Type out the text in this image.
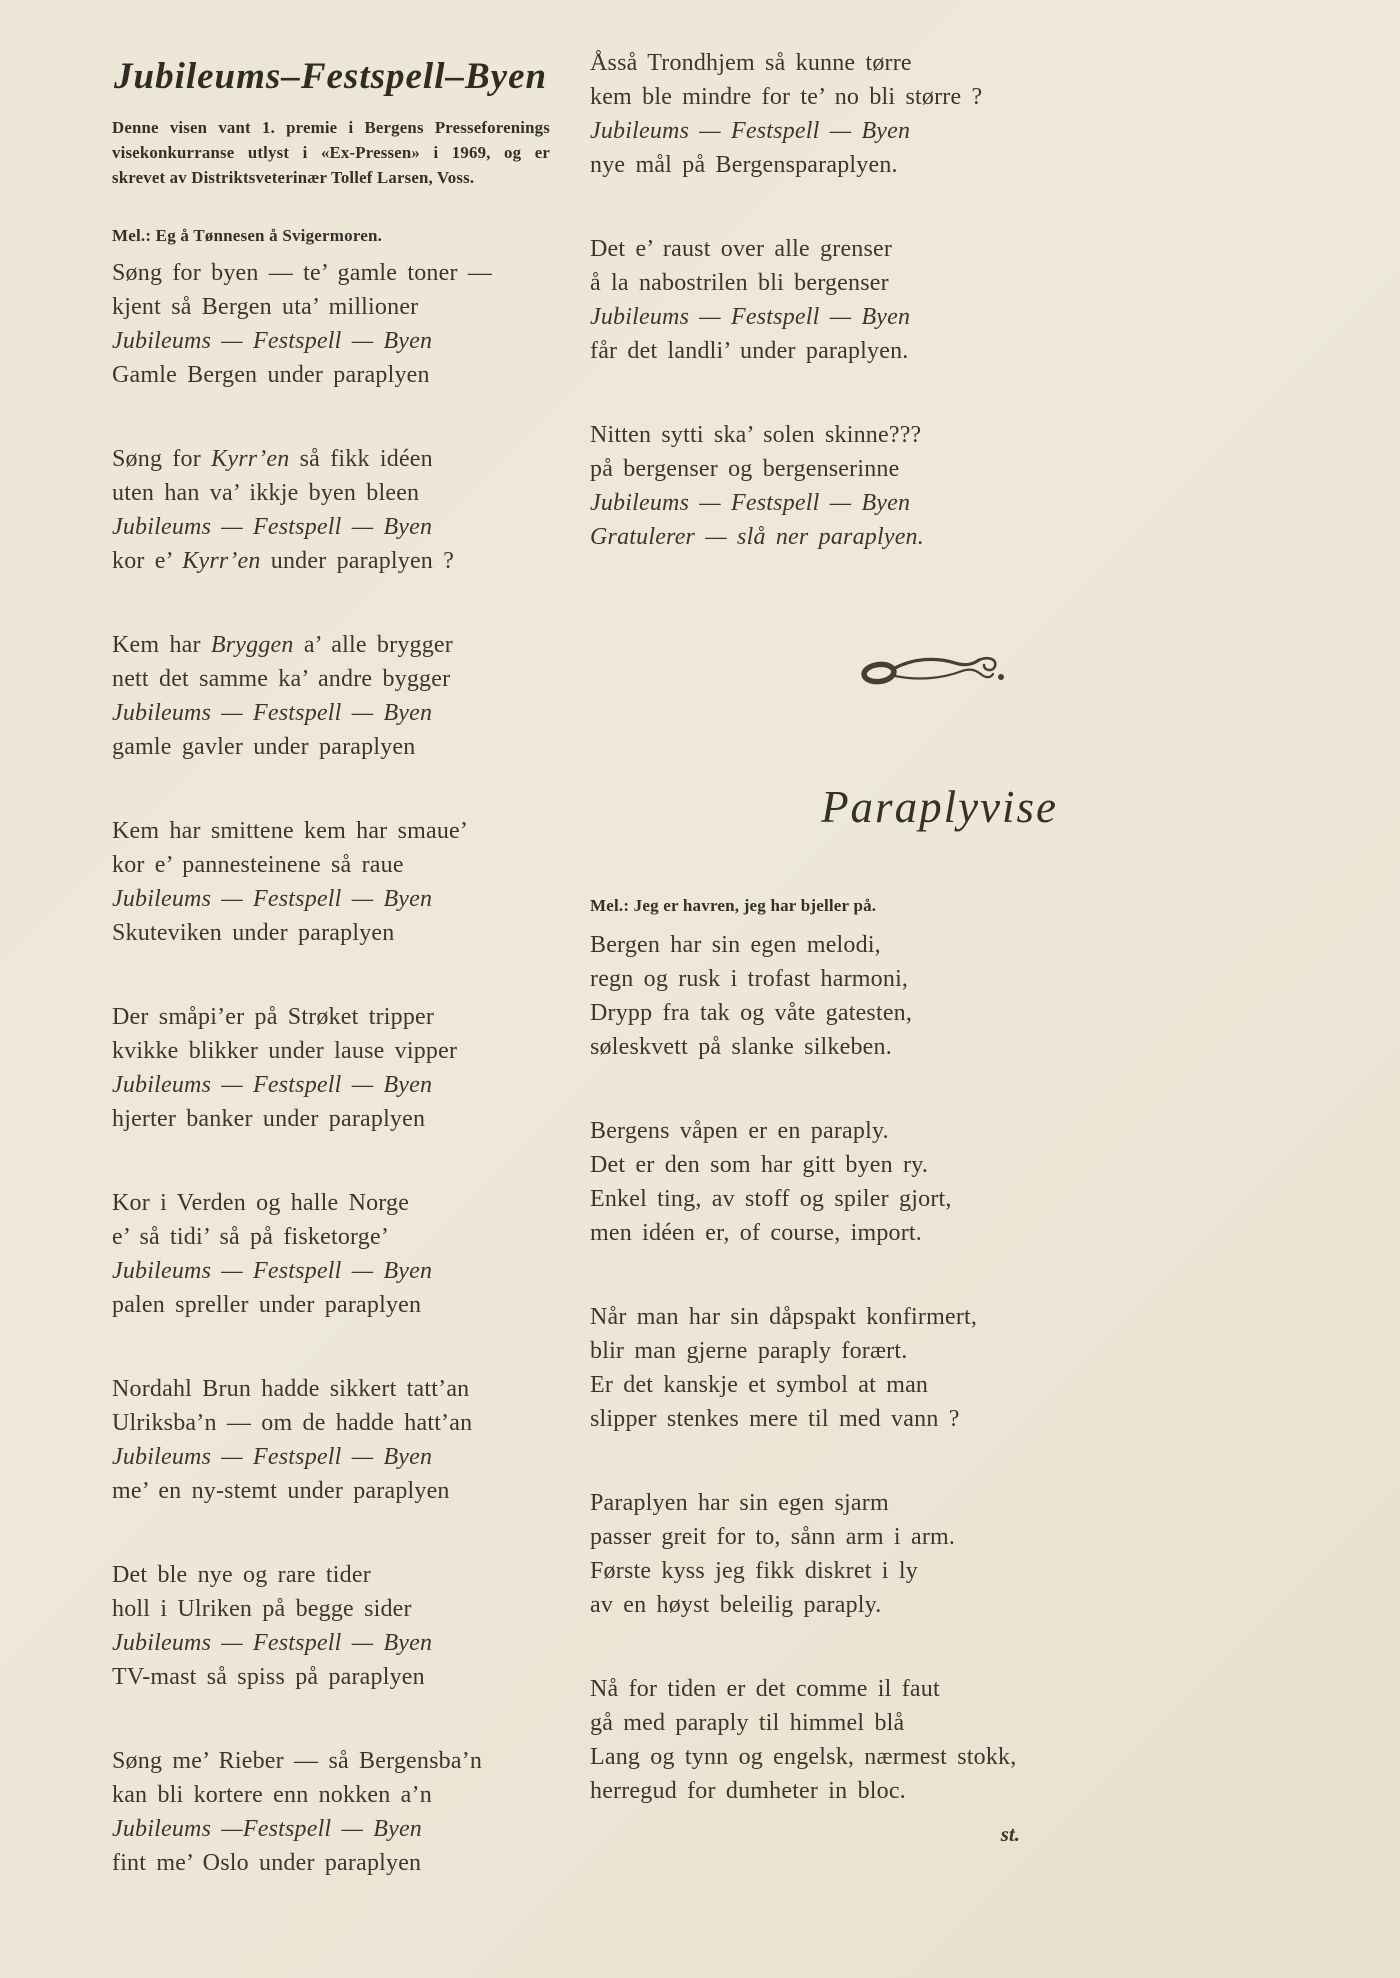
Jubileums–Festspell–Byen
Denne visen vant 1. premie i Bergens Presseforenings
visekonkurranse utlyst i «Ex-Pressen» i 1969, og er
skrevet av Distriktsveterinær Tollef Larsen, Voss.

Mel.: Eg å Tønnesen å Svigermoren.

Søng for byen — te’ gamle toner —
kjent så Bergen uta’ millioner
Jubileums — Festspell — Byen
Gamle Bergen under paraplyen
Søng for Kyrr’en så fikk idéen
uten han va’ ikkje byen bleen
Jubileums — Festspell — Byen
kor e’ Kyrr’en under paraplyen ?
Kem har Bryggen a’ alle brygger
nett det samme ka’ andre bygger
Jubileums — Festspell — Byen
gamle gavler under paraplyen
Kem har smittene kem har smaue’
kor e’ pannesteinene så raue
Jubileums — Festspell — Byen
Skuteviken under paraplyen
Der småpi’er på Strøket tripper
kvikke blikker under lause vipper
Jubileums — Festspell — Byen
hjerter banker under paraplyen
Kor i Verden og halle Norge
e’ så tidi’ så på fisketorge’
Jubileums — Festspell — Byen
palen spreller under paraplyen
Nordahl Brun hadde sikkert tatt’an
Ulriksba’n — om de hadde hatt’an
Jubileums — Festspell — Byen
me’ en ny-stemt under paraplyen
Det ble nye og rare tider
holl i Ulriken på begge sider
Jubileums — Festspell — Byen
TV-mast så spiss på paraplyen
Søng me’ Rieber — så Bergensba’n
kan bli kortere enn nokken a’n
Jubileums —Festspell — Byen
fint me’ Oslo under paraplyen
Åsså Trondhjem så kunne tørre
kem ble mindre for te’ no bli større ?
Jubileums — Festspell — Byen
nye mål på Bergensparaplyen.
Det e’ raust over alle grenser
å la nabostrilen bli bergenser
Jubileums — Festspell — Byen
får det landli’ under paraplyen.
Nitten sytti ska’ solen skinne???
på bergenser og bergenserinne
Jubileums — Festspell — Byen
Gratulerer — slå ner paraplyen.
Paraplyvise

Mel.: Jeg er havren, jeg har bjeller på.

Bergen har sin egen melodi,
regn og rusk i trofast harmoni,
Drypp fra tak og våte gatesten,
søleskvett på slanke silkeben.
Bergens våpen er en paraply.
Det er den som har gitt byen ry.
Enkel ting, av stoff og spiler gjort,
men idéen er, of course, import.
Når man har sin dåpspakt konfirmert,
blir man gjerne paraply forært.
Er det kanskje et symbol at man
slipper stenkes mere til med vann ?
Paraplyen har sin egen sjarm
passer greit for to, sånn arm i arm.
Første kyss jeg fikk diskret i ly
av en høyst beleilig paraply.
Nå for tiden er det comme il faut
gå med paraply til himmel blå
Lang og tynn og engelsk, nærmest stokk,
herregud for dumheter in bloc.

st.
